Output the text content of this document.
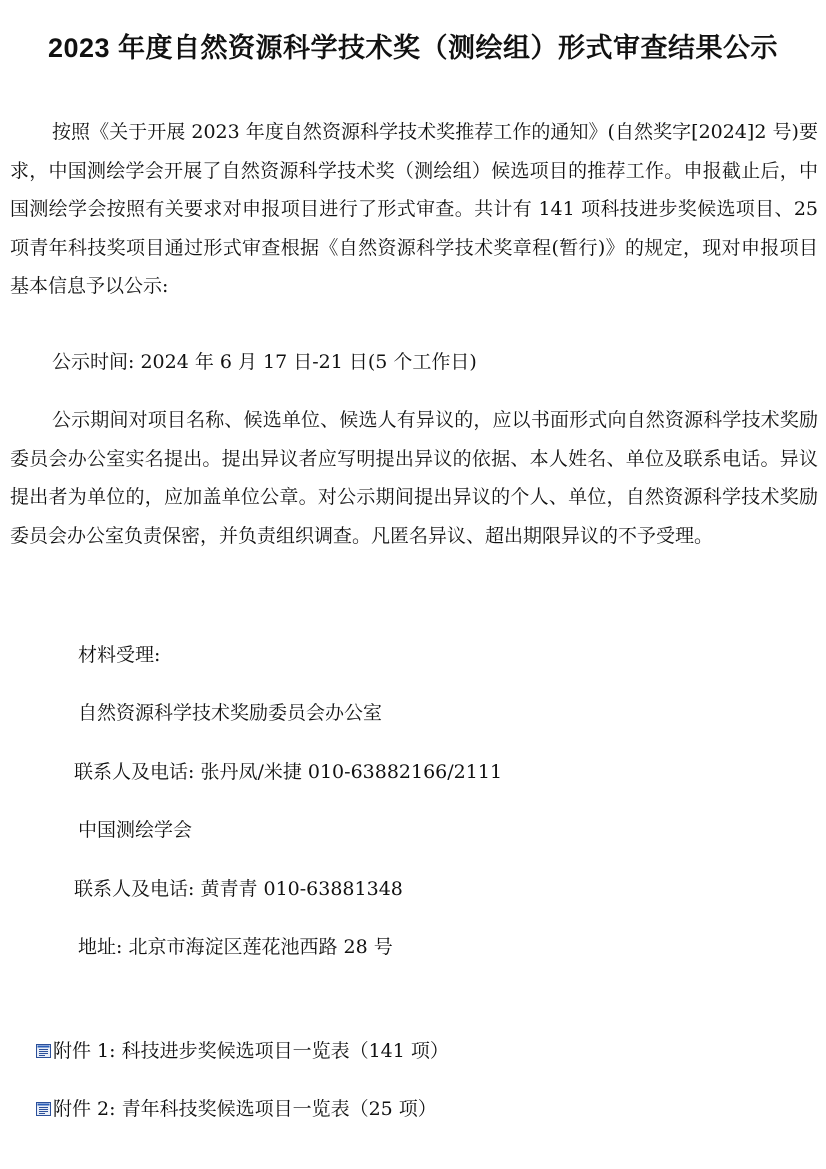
2023 年度自然资源科学技术奖（测绘组）形式审查结果公示

按照《关于开展 2023 年度自然资源科学技术奖推荐工作的通知》(自然奖字[2024]2 号)要求，中国测绘学会开展了自然资源科学技术奖（测绘组）候选项目的推荐工作。申报截止后，中国测绘学会按照有关要求对申报项目进行了形式审查。共计有 141 项科技进步奖候选项目、25 项青年科技奖项目通过形式审查根据《自然资源科学技术奖章程(暂行)》的规定，现对申报项目基本信息予以公示:

公示时间: 2024 年 6 月 17 日-21 日(5 个工作日)

公示期间对项目名称、候选单位、候选人有异议的，应以书面形式向自然资源科学技术奖励委员会办公室实名提出。提出异议者应写明提出异议的依据、本人姓名、单位及联系电话。异议提出者为单位的，应加盖单位公章。对公示期间提出异议的个人、单位，自然资源科学技术奖励委员会办公室负责保密，并负责组织调查。凡匿名异议、超出期限异议的不予受理。

材料受理:

自然资源科学技术奖励委员会办公室

联系人及电话: 张丹凤/米捷 010-63882166/2111

中国测绘学会

联系人及电话: 黄青青 010-63881348

地址: 北京市海淀区莲花池西路 28 号

附件 1: 科技进步奖候选项目一览表（141 项）
附件 2: 青年科技奖候选项目一览表（25 项）
